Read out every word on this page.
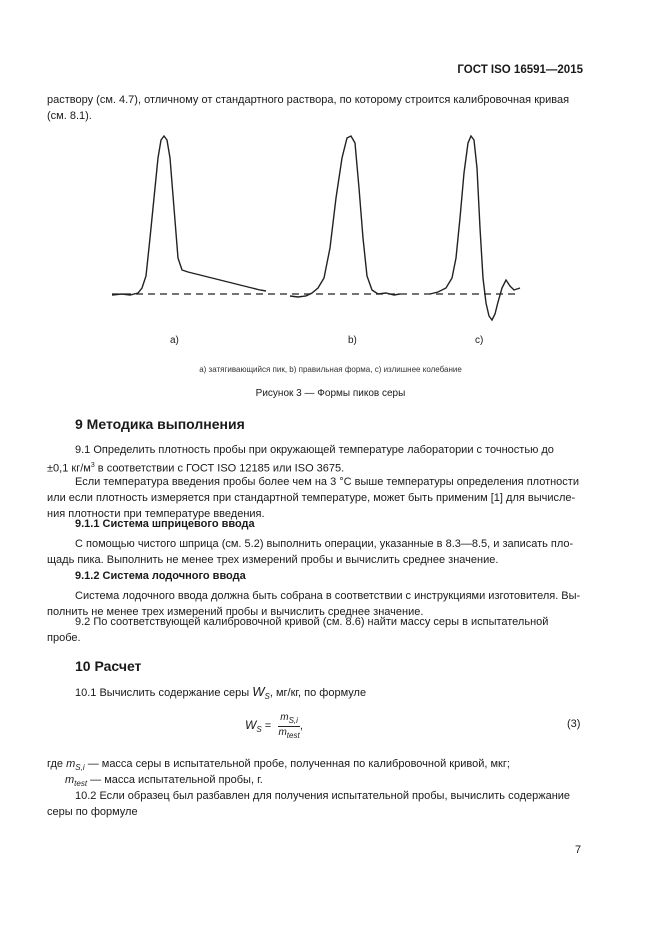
ГОСТ ISO 16591—2015
раствору (см. 4.7), отличному от стандартного раствора, по которому строится калибровочная кривая
(см. 8.1).
а)	b)	с)
а) затягивающийся пик, b) правильная форма, с) излишнее колебание
Рисунок 3 — Формы пиков серы
9 Методика выполнения
9.1 Определить плотность пробы при окружающей температуре лаборатории с точностью до
±0,1 $кг/м^3$ в соответствии с ГОСТ ISO 12185 или ISO 3675.
Если температура введения пробы более чем на 3 °С выше температуры определения плотности
или если плотность измеряется при стандартной температуре, может быть применим [1] для вычисле-
ния плотности при температуре введения.
9.1.1 Система шприцевого ввода
С помощью чистого шприца (см. 5.2) выполнить операции, указанные в 8.3—8.5, и записать пло-
щадь пика. Выполнить не менее трех измерений пробы и вычислить среднее значение.
9.1.2 Система лодочного ввода
Система лодочного ввода должна быть собрана в соответствии с инструкциями изготовителя. Вы-
полнить не менее трех измерений пробы и вычислить среднее значение.
9.2 По соответствующей калибровочной кривой (см. 8.6) найти массу серы в испытательной
пробе.
10 Расчет
10.1 Вычислить содержание серы $W_S$, мг/кг, по формуле
$W_S = \frac{m_{S,i}}{m_{test}}$ ,	(3)
где $m_{S,i}$ — масса серы в испытательной пробе, полученная по калибровочной кривой, мкг;
$m_{test}$ — масса испытательной пробы, г.
10.2 Если образец был разбавлен для получения испытательной пробы, вычислить содержание
серы по формуле
7
